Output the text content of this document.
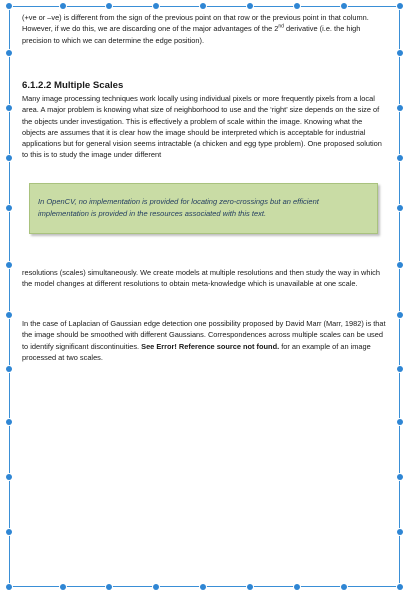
(+ve or –ve) is different from the sign of the previous point on that row or the previous point in that column. However, if we do this, we are discarding one of the major advantages of the 2nd derivative (i.e. the high precision to which we can determine the edge position).
6.1.2.2 Multiple Scales
Many image processing techniques work locally using individual pixels or more frequently pixels from a local area. A major problem is knowing what size of neighborhood to use and the ‘right’ size depends on the size of the objects under investigation. This is effectively a problem of scale within the image. Knowing what the objects are assumes that it is clear how the image should be interpreted which is acceptable for industrial applications but for general vision seems intractable (a chicken and egg type problem). One proposed solution to this is to study the image under different
In OpenCV, no implementation is provided for locating zero-crossings but an efficient implementation is provided in the resources associated with this text.
resolutions (scales) simultaneously. We create models at multiple resolutions and then study the way in which the model changes at different resolutions to obtain meta-knowledge which is unavailable at one scale.
In the case of Laplacian of Gaussian edge detection one possibility proposed by David Marr (Marr, 1982) is that the image should be smoothed with different Gaussians. Correspondences across multiple scales can be used to identify significant discontinuities. See Error! Reference source not found. for an example of an image processed at two scales.
